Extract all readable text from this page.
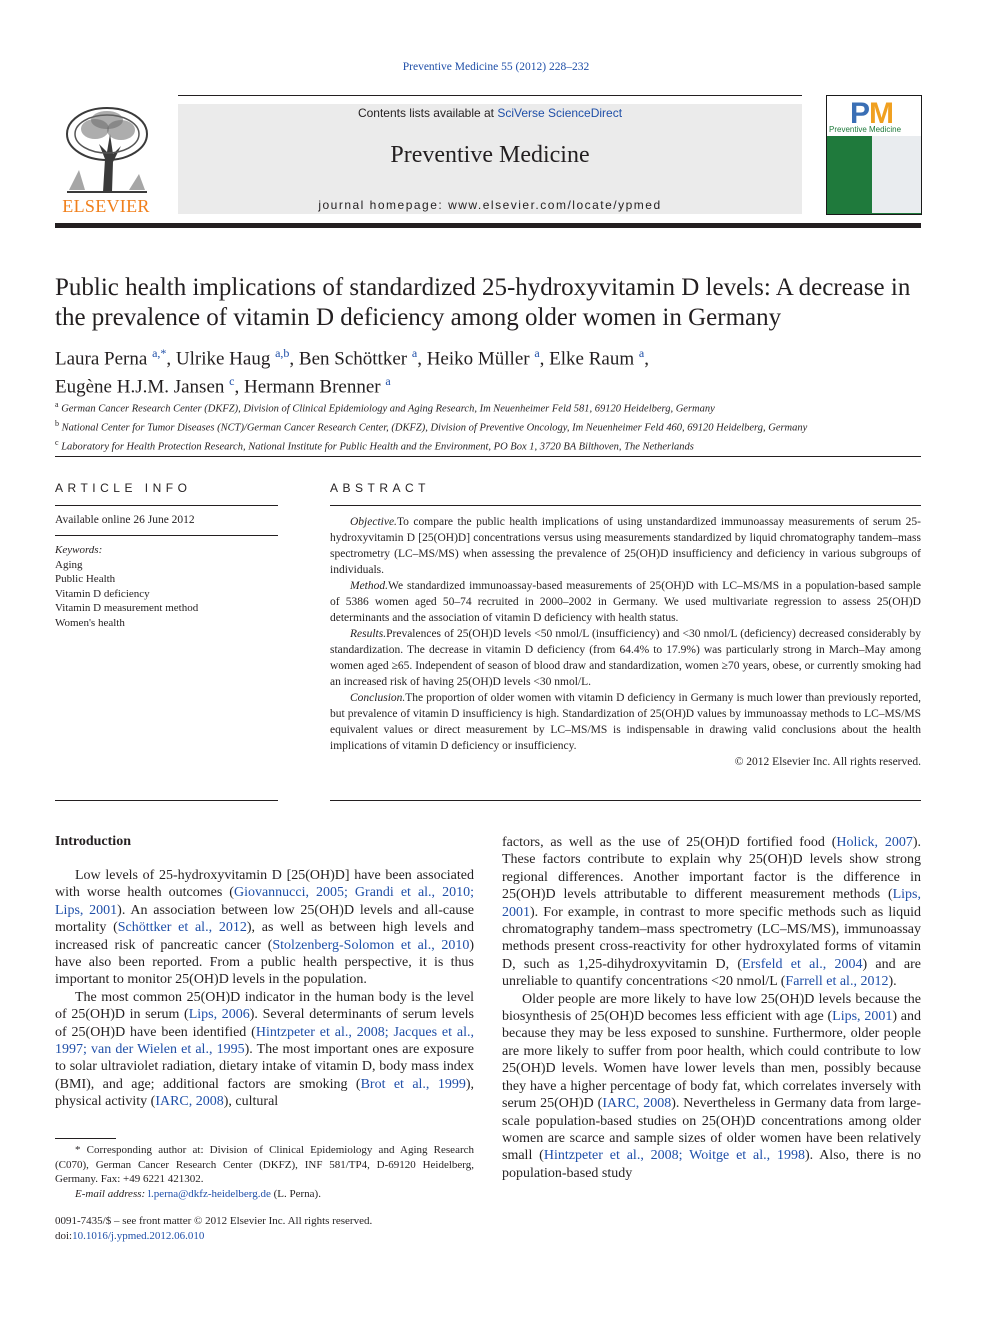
Preventive Medicine 55 (2012) 228–232
ELSEVIER
Contents lists available at SciVerse ScienceDirect
Preventive Medicine
journal homepage: www.elsevier.com/locate/ypmed
PM
Preventive Medicine
Public health implications of standardized 25-hydroxyvitamin D levels: A decrease in the prevalence of vitamin D deficiency among older women in Germany
Laura Perna $^{a,*}$, Ulrike Haug $^{a,b}$, Ben Schöttker $^a$, Heiko Müller $^a$, Elke Raum $^a$,
Eugène H.J.M. Jansen $^c$, Hermann Brenner $^a$
$^a$ German Cancer Research Center (DKFZ), Division of Clinical Epidemiology and Aging Research, Im Neuenheimer Feld 581, 69120 Heidelberg, Germany
$^b$ National Center for Tumor Diseases (NCT)/German Cancer Research Center, (DKFZ), Division of Preventive Oncology, Im Neuenheimer Feld 460, 69120 Heidelberg, Germany
$^c$ Laboratory for Health Protection Research, National Institute for Public Health and the Environment, PO Box 1, 3720 BA Bilthoven, The Netherlands
ARTICLE INFO	ABSTRACT
Available online 26 June 2012
Keywords:
Aging
Public Health
Vitamin D deficiency
Vitamin D measurement method
Women's health

Objective.To compare the public health implications of using unstandardized immunoassay measurements of serum 25-hydroxyvitamin D [25(OH)D] concentrations versus using measurements standardized by liquid chromatography tandem–mass spectrometry (LC–MS/MS) when assessing the prevalence of 25(OH)D insufficiency and deficiency in various subgroups of individuals.

Method.We standardized immunoassay-based measurements of 25(OH)D with LC–MS/MS in a population-based sample of 5386 women aged 50–74 recruited in 2000–2002 in Germany. We used multivariate regression to assess 25(OH)D determinants and the association of vitamin D deficiency with health status.

Results.Prevalences of 25(OH)D levels <50 nmol/L (insufficiency) and <30 nmol/L (deficiency) decreased considerably by standardization. The decrease in vitamin D deficiency (from 64.4% to 17.9%) was particularly strong in March–May among women aged ≥65. Independent of season of blood draw and standardization, women ≥70 years, obese, or currently smoking had an increased risk of having 25(OH)D levels <30 nmol/L.

Conclusion.The proportion of older women with vitamin D deficiency in Germany is much lower than previously reported, but prevalence of vitamin D insufficiency is high. Standardization of 25(OH)D values by immunoassay methods to LC–MS/MS equivalent values or direct measurement by LC–MS/MS is indispensable in drawing valid conclusions about the health implications of vitamin D deficiency or insufficiency.

© 2012 Elsevier Inc. All rights reserved.
Introduction

Low levels of 25-hydroxyvitamin D [25(OH)D] have been associated with worse health outcomes (Giovannucci, 2005; Grandi et al., 2010; Lips, 2001). An association between low 25(OH)D levels and all-cause mortality (Schöttker et al., 2012), as well as between high levels and increased risk of pancreatic cancer (Stolzenberg-Solomon et al., 2010) have also been reported. From a public health perspective, it is thus important to monitor 25(OH)D levels in the population.

The most common 25(OH)D indicator in the human body is the level of 25(OH)D in serum (Lips, 2006). Several determinants of serum levels of 25(OH)D have been identified (Hintzpeter et al., 2008; Jacques et al., 1997; van der Wielen et al., 1995). The most important ones are exposure to solar ultraviolet radiation, dietary intake of vitamin D, body mass index (BMI), and age; additional factors are smoking (Brot et al., 1999), physical activity (IARC, 2008), cultural

factors, as well as the use of 25(OH)D fortified food (Holick, 2007). These factors contribute to explain why 25(OH)D levels show strong regional differences. Another important factor is the difference in 25(OH)D levels attributable to different measurement methods (Lips, 2001). For example, in contrast to more specific methods such as liquid chromatography tandem–mass spectrometry (LC–MS/MS), immunoassay methods present cross-reactivity for other hydroxylated forms of vitamin D, such as 1,25-dihydroxyvitamin D, (Ersfeld et al., 2004) and are unreliable to quantify concentrations <20 nmol/L (Farrell et al., 2012).

Older people are more likely to have low 25(OH)D levels because the biosynthesis of 25(OH)D becomes less efficient with age (Lips, 2001) and because they may be less exposed to sunshine. Furthermore, older people are more likely to suffer from poor health, which could contribute to low 25(OH)D levels. Women have lower levels than men, possibly because they have a higher percentage of body fat, which correlates inversely with serum 25(OH)D (IARC, 2008). Nevertheless in Germany data from large-scale population-based studies on 25(OH)D concentrations among older women are scarce and sample sizes of older women have been relatively small (Hintzpeter et al., 2008; Woitge et al., 1998). Also, there is no population-based study

* Corresponding author at: Division of Clinical Epidemiology and Aging Research (C070), German Cancer Research Center (DKFZ), INF 581/TP4, D-69120 Heidelberg, Germany. Fax: +49 6221 421302.

E-mail address: l.perna@dkfz-heidelberg.de (L. Perna).

0091-7435/$ – see front matter © 2012 Elsevier Inc. All rights reserved.
doi:10.1016/j.ypmed.2012.06.010
